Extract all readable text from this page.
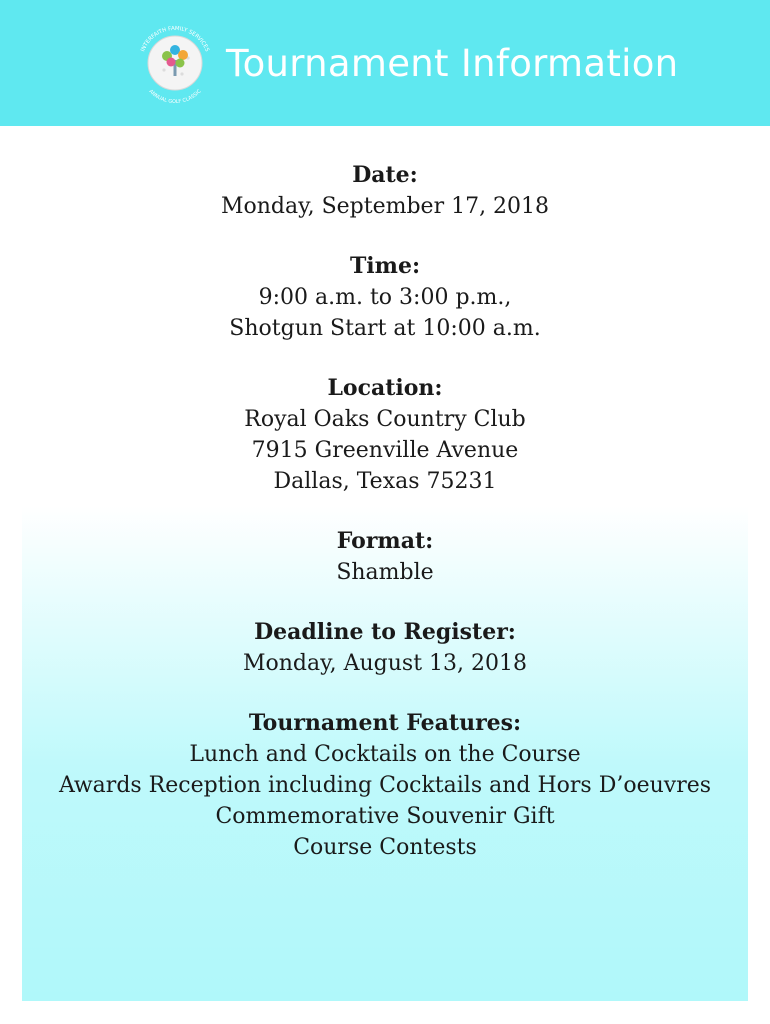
INTERFAITH FAMILY SERVICES
ANNUAL GOLF CLASSIC
Tournament Information
Date:
Monday, September 17, 2018
Time:
9:00 a.m. to 3:00 p.m.,
Shotgun Start at 10:00 a.m.
Location:
Royal Oaks Country Club
7915 Greenville Avenue
Dallas, Texas 75231
Format:
Shamble
Deadline to Register:
Monday, August 13, 2018
Tournament Features:
Lunch and Cocktails on the Course
Awards Reception including Cocktails and Hors D’oeuvres
Commemorative Souvenir Gift
Course Contests
